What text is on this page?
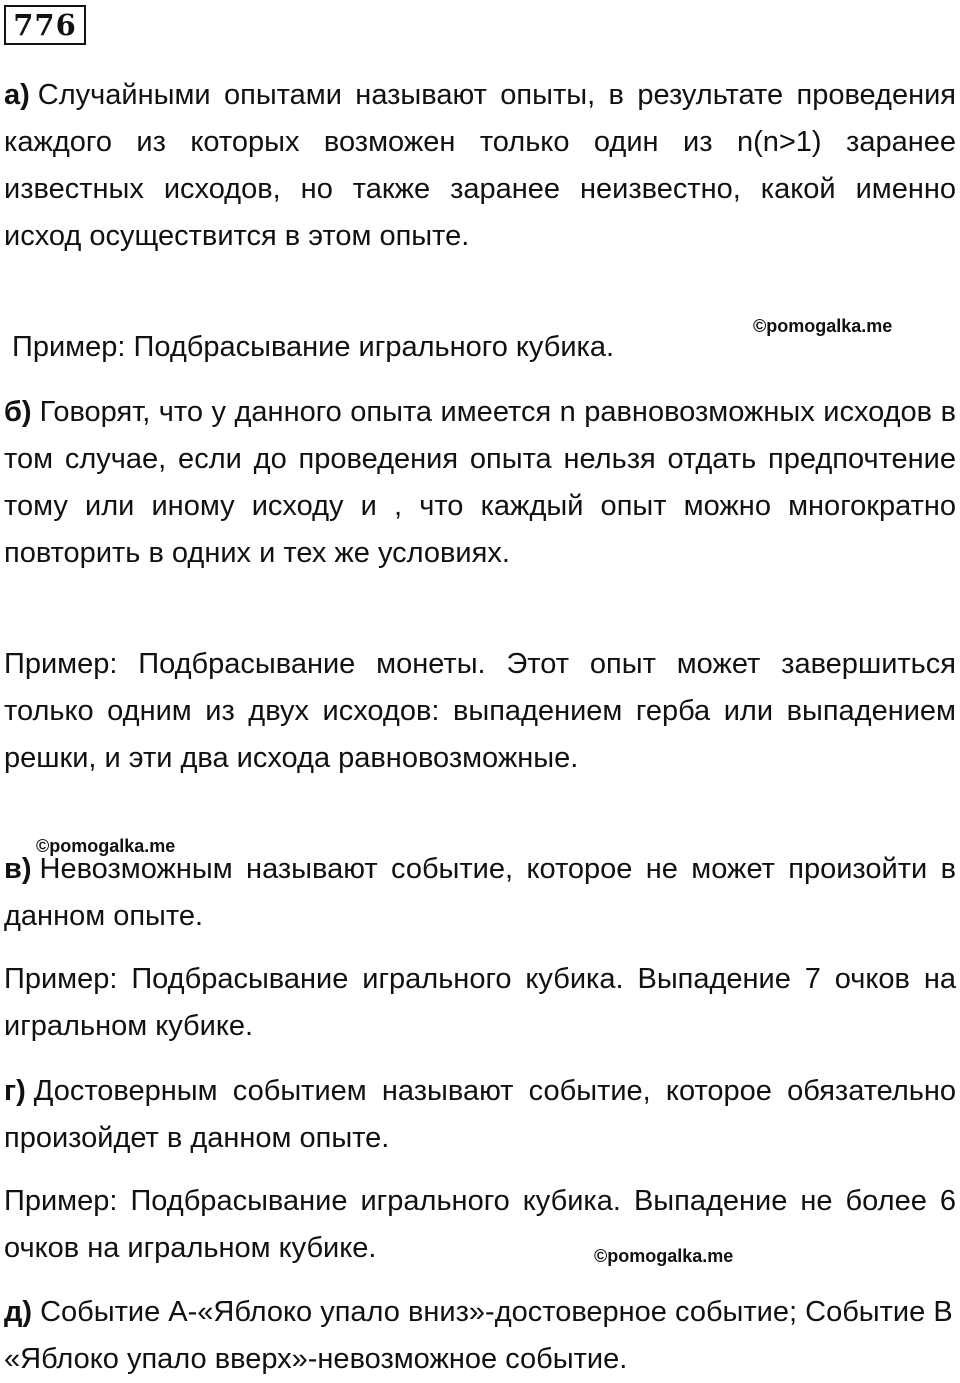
776

а) Случайными опытами называют опыты, в результате проведения каждого из которых возможен только один из n(n>1) заранее известных исходов, но также заранее неизвестно, какой именно исход осуществится в этом опыте.

Пример: Подбрасывание игрального кубика.

©pomogalka.me

б) Говорят, что у данного опыта имеется n равновозможных исходов в том случае, если до проведения опыта нельзя отдать предпочтение тому или иному исходу и , что каждый опыт можно многократно повторить в одних и тех же условиях.

Пример: Подбрасывание монеты. Этот опыт может завершиться только одним из двух исходов: выпадением герба или выпадением решки, и эти два исхода равновозможные.

©pomogalka.me

в) Невозможным называют событие, которое не может произойти в данном опыте.

Пример: Подбрасывание игрального кубика. Выпадение 7 очков на игральном кубике.

г) Достоверным событием называют событие, которое обязательно произойдет в данном опыте.

Пример: Подбрасывание игрального кубика. Выпадение не более 6 очков на игральном кубике.	©pomogalka.me

д) Событие А-«Яблоко упало вниз»-достоверное событие; Событие В «Яблоко упало вверх»-невозможное событие.
